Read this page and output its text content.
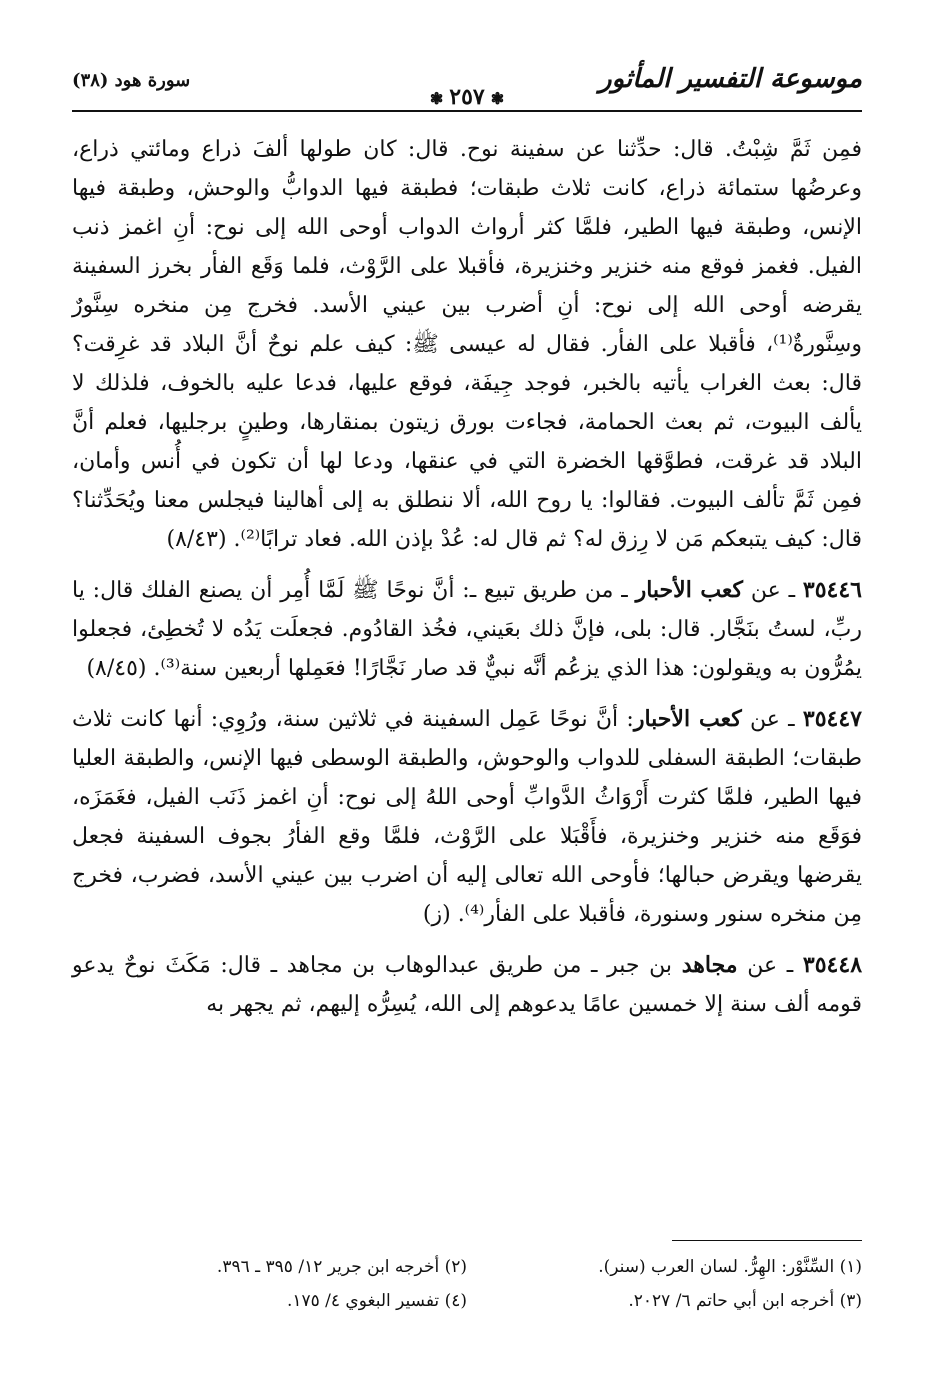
موسوعة التفسير المأثور
❃ ٢٥٧ ❃
سورة هود (٣٨)

فمِن ثَمَّ شِبْتُ. قال: حدِّثنا عن سفينة نوح. قال: كان طولها ألفَ ذراع ومائتي ذراع، وعرضُها ستمائة ذراع، كانت ثلاث طبقات؛ فطبقة فيها الدوابُّ والوحش، وطبقة فيها الإنس، وطبقة فيها الطير، فلمَّا كثر أرواث الدواب أوحى الله إلى نوح: أنِ اغمز ذنب الفيل. فغمز فوقع منه خنزير وخنزيرة، فأقبلا على الرَّوْث، فلما وَقَع الفأر بخرز السفينة يقرضه أوحى الله إلى نوح: أنِ أضرب بين عيني الأسد. فخرج مِن منخره سِنَّورٌ وسِنَّورةٌ⁽¹⁾، فأقبلا على الفأر. فقال له عيسى ﷺ: كيف علم نوحٌ أنَّ البلاد قد غرِقت؟ قال: بعث الغراب يأتيه بالخبر، فوجد جِيفَة، فوقع عليها، فدعا عليه بالخوف، فلذلك لا يألف البيوت، ثم بعث الحمامة، فجاءت بورق زيتون بمنقارها، وطينٍ برجليها، فعلم أنَّ البلاد قد غرقت، فطوَّقها الخضرة التي في عنقها، ودعا لها أن تكون في أُنس وأمان، فمِن ثَمَّ تألف البيوت. فقالوا: يا روح الله، ألا ننطلق به إلى أهالينا فيجلس معنا ويُحَدِّثنا؟ قال: كيف يتبعكم مَن لا رِزق له؟ ثم قال له: عُدْ بإذن الله. فعاد ترابًا⁽²⁾. (٨/٤٣)

٣٥٤٤٦ ـ عن كعب الأحبار ـ من طريق تبيع ـ: أنَّ نوحًا ﷺ لَمَّا أُمِر أن يصنع الفلك قال: يا ربِّ، لستُ بنَجَّار. قال: بلى، فإنَّ ذلك بعَيني، فخُذ القادُوم. فجعلَت يَدُه لا تُخطِئ، فجعلوا يمُرُّون به ويقولون: هذا الذي يزعُم أنَّه نبيٌّ قد صار نَجَّارًا! فعَمِلها أربعين سنة⁽³⁾. (٨/٤٥)

٣٥٤٤٧ ـ عن كعب الأحبار: أنَّ نوحًا عَمِل السفينة في ثلاثين سنة، ورُوِي: أنها كانت ثلاث طبقات؛ الطبقة السفلى للدواب والوحوش، والطبقة الوسطى فيها الإنس، والطبقة العليا فيها الطير، فلمَّا كثرت أَرْوَاثُ الدَّوابِّ أوحى اللهُ إلى نوح: أنِ اغمز ذَنَب الفيل، فغَمَزَه، فوَقَع منه خنزير وخنزيرة، فأَقْبَلا على الرَّوْث، فلمَّا وقع الفأرُ بجوف السفينة فجعل يقرضها ويقرض حبالها؛ فأوحى الله تعالى إليه أن اضرب بين عيني الأسد، فضرب، فخرج مِن منخره سنور وسنورة، فأقبلا على الفأر⁽⁴⁾. (ز)

٣٥٤٤٨ ـ عن مجاهد بن جبر ـ من طريق عبدالوهاب بن مجاهد ـ قال: مَكَثَ نوحٌ يدعو قومه ألف سنة إلا خمسين عامًا يدعوهم إلى الله، يُسِرُّه إليهم، ثم يجهر به

(١) السِّنَّوْر: الهِرُّ. لسان العرب (سنر).
(٢) أخرجه ابن جرير ١٢/ ٣٩٥ ـ ٣٩٦.
(٣) أخرجه ابن أبي حاتم ٦/ ٢٠٢٧.
(٤) تفسير البغوي ٤/ ١٧٥.
